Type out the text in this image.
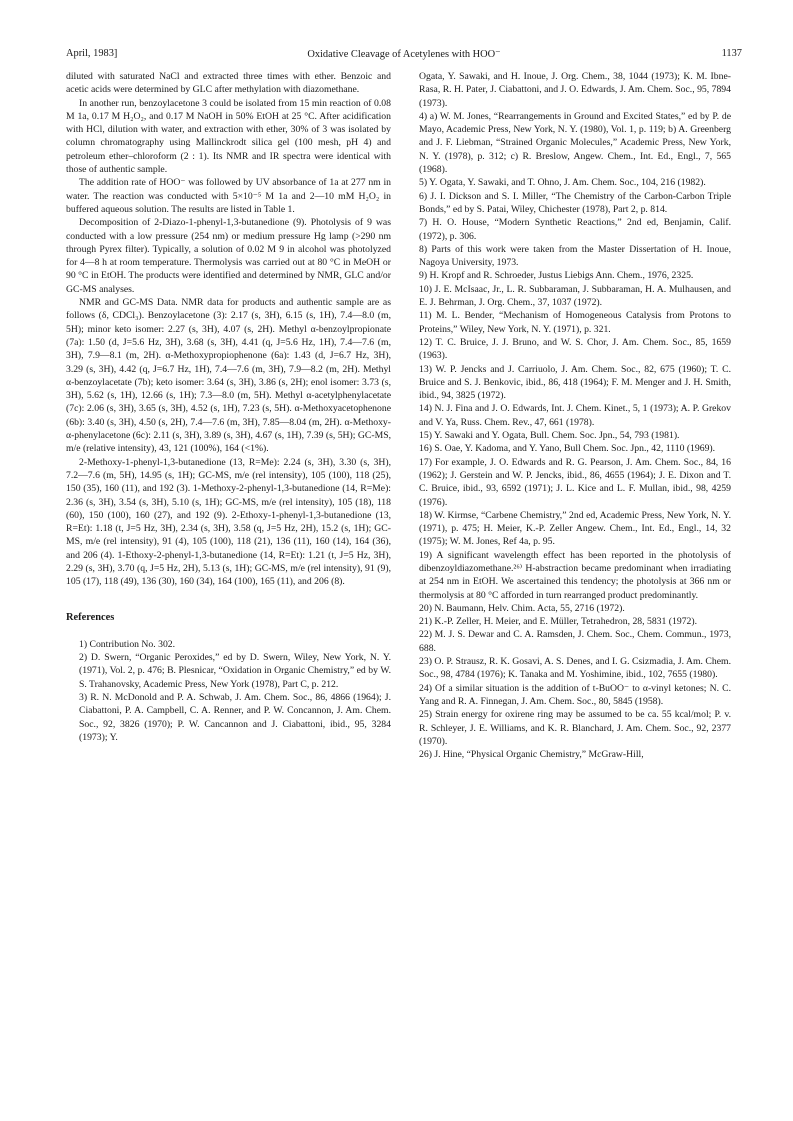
April, 1983]	Oxidative Cleavage of Acetylenes with HOO⁻	1137

diluted with saturated NaCl and extracted three times with ether. Benzoic and acetic acids were determined by GLC after methylation with diazomethane.

In another run, benzoylacetone 3 could be isolated from 15 min reaction of 0.08 M 1a, 0.17 M H₂O₂, and 0.17 M NaOH in 50% EtOH at 25 °C. After acidification with HCl, dilution with water, and extraction with ether, 30% of 3 was isolated by column chromatography using Mallinckrodt silica gel (100 mesh, pH 4) and petroleum ether–chloroform (2 : 1). Its NMR and IR spectra were identical with those of authentic sample.

The addition rate of HOO⁻ was followed by UV absorbance of 1a at 277 nm in water. The reaction was conducted with 5×10⁻⁵ M 1a and 2—10 mM H₂O₂ in buffered aqueous solution. The results are listed in Table 1.

Decomposition of 2-Diazo-1-phenyl-1,3-butanedione (9). Photolysis of 9 was conducted with a low pressure (254 nm) or medium pressure Hg lamp (>290 nm through Pyrex filter). Typically, a solution of 0.02 M 9 in alcohol was photolyzed for 4—8 h at room temperature. Thermolysis was carried out at 80 °C in MeOH or 90 °C in EtOH. The products were identified and determined by NMR, GLC and/or GC-MS analyses.

NMR and GC-MS Data. NMR data for products and authentic sample are as follows (δ, CDCl₃). Benzoylacetone (3): 2.17 (s, 3H), 6.15 (s, 1H), 7.4—8.0 (m, 5H); minor keto isomer: 2.27 (s, 3H), 4.07 (s, 2H). Methyl α-benzoylpropionate (7a): 1.50 (d, J=5.6 Hz, 3H), 3.68 (s, 3H), 4.41 (q, J=5.6 Hz, 1H), 7.4—7.6 (m, 3H), 7.9—8.1 (m, 2H). α-Methoxypropiophenone (6a): 1.43 (d, J=6.7 Hz, 3H), 3.29 (s, 3H), 4.42 (q, J=6.7 Hz, 1H), 7.4—7.6 (m, 3H), 7.9—8.2 (m, 2H). Methyl α-benzoylacetate (7b); keto isomer: 3.64 (s, 3H), 3.86 (s, 2H); enol isomer: 3.73 (s, 3H), 5.62 (s, 1H), 12.66 (s, 1H); 7.3—8.0 (m, 5H). Methyl α-acetylphenylacetate (7c): 2.06 (s, 3H), 3.65 (s, 3H), 4.52 (s, 1H), 7.23 (s, 5H). α-Methoxyacetophenone (6b): 3.40 (s, 3H), 4.50 (s, 2H), 7.4—7.6 (m, 3H), 7.85—8.04 (m, 2H). α-Methoxy-α-phenylacetone (6c): 2.11 (s, 3H), 3.89 (s, 3H), 4.67 (s, 1H), 7.39 (s, 5H); GC-MS, m/e (relative intensity), 43, 121 (100%), 164 (<1%).

2-Methoxy-1-phenyl-1,3-butanedione (13, R=Me): 2.24 (s, 3H), 3.30 (s, 3H), 7.2—7.6 (m, 5H), 14.95 (s, 1H); GC-MS, m/e (rel intensity), 105 (100), 118 (25), 150 (35), 160 (11), and 192 (3). 1-Methoxy-2-phenyl-1,3-butanedione (14, R=Me): 2.36 (s, 3H), 3.54 (s, 3H), 5.10 (s, 1H); GC-MS, m/e (rel intensity), 105 (18), 118 (60), 150 (100), 160 (27), and 192 (9). 2-Ethoxy-1-phenyl-1,3-butanedione (13, R=Et): 1.18 (t, J=5 Hz, 3H), 2.34 (s, 3H), 3.58 (q, J=5 Hz, 2H), 15.2 (s, 1H); GC-MS, m/e (rel intensity), 91 (4), 105 (100), 118 (21), 136 (11), 160 (14), 164 (36), and 206 (4). 1-Ethoxy-2-phenyl-1,3-butanedione (14, R=Et): 1.21 (t, J=5 Hz, 3H), 2.29 (s, 3H), 3.70 (q, J=5 Hz, 2H), 5.13 (s, 1H); GC-MS, m/e (rel intensity), 91 (9), 105 (17), 118 (49), 136 (30), 160 (34), 164 (100), 165 (11), and 206 (8).

References

1) Contribution No. 302.

2) D. Swern, “Organic Peroxides,” ed by D. Swern, Wiley, New York, N. Y. (1971), Vol. 2, p. 476; B. Plesnicar, “Oxidation in Organic Chemistry,” ed by W. S. Trahanovsky, Academic Press, New York (1978), Part C, p. 212.

3) R. N. McDonold and P. A. Schwab, J. Am. Chem. Soc., 86, 4866 (1964); J. Ciabattoni, P. A. Campbell, C. A. Renner, and P. W. Concannon, J. Am. Chem. Soc., 92, 3826 (1970); P. W. Cancannon and J. Ciabattoni, ibid., 95, 3284 (1973); Y.

Ogata, Y. Sawaki, and H. Inoue, J. Org. Chem., 38, 1044 (1973); K. M. Ibne-Rasa, R. H. Pater, J. Ciabattoni, and J. O. Edwards, J. Am. Chem. Soc., 95, 7894 (1973).

4) a) W. M. Jones, “Rearrangements in Ground and Excited States,” ed by P. de Mayo, Academic Press, New York, N. Y. (1980), Vol. 1, p. 119; b) A. Greenberg and J. F. Liebman, “Strained Organic Molecules,” Academic Press, New York, N. Y. (1978), p. 312; c) R. Breslow, Angew. Chem., Int. Ed., Engl., 7, 565 (1968).

5) Y. Ogata, Y. Sawaki, and T. Ohno, J. Am. Chem. Soc., 104, 216 (1982).

6) J. I. Dickson and S. I. Miller, “The Chemistry of the Carbon-Carbon Triple Bonds,” ed by S. Patai, Wiley, Chichester (1978), Part 2, p. 814.

7) H. O. House, “Modern Synthetic Reactions,” 2nd ed, Benjamin, Calif. (1972), p. 306.

8) Parts of this work were taken from the Master Dissertation of H. Inoue, Nagoya University, 1973.

9) H. Kropf and R. Schroeder, Justus Liebigs Ann. Chem., 1976, 2325.

10) J. E. McIsaac, Jr., L. R. Subbaraman, J. Subbaraman, H. A. Mulhausen, and E. J. Behrman, J. Org. Chem., 37, 1037 (1972).

11) M. L. Bender, “Mechanism of Homogeneous Catalysis from Protons to Proteins,” Wiley, New York, N. Y. (1971), p. 321.

12) T. C. Bruice, J. J. Bruno, and W. S. Chor, J. Am. Chem. Soc., 85, 1659 (1963).

13) W. P. Jencks and J. Carriuolo, J. Am. Chem. Soc., 82, 675 (1960); T. C. Bruice and S. J. Benkovic, ibid., 86, 418 (1964); F. M. Menger and J. H. Smith, ibid., 94, 3825 (1972).

14) N. J. Fina and J. O. Edwards, Int. J. Chem. Kinet., 5, 1 (1973); A. P. Grekov and V. Ya, Russ. Chem. Rev., 47, 661 (1978).

15) Y. Sawaki and Y. Ogata, Bull. Chem. Soc. Jpn., 54, 793 (1981).

16) S. Oae, Y. Kadoma, and Y. Yano, Bull Chem. Soc. Jpn., 42, 1110 (1969).

17) For example, J. O. Edwards and R. G. Pearson, J. Am. Chem. Soc., 84, 16 (1962); J. Gerstein and W. P. Jencks, ibid., 86, 4655 (1964); J. E. Dixon and T. C. Bruice, ibid., 93, 6592 (1971); J. L. Kice and L. F. Mullan, ibid., 98, 4259 (1976).

18) W. Kirmse, “Carbene Chemistry,” 2nd ed, Academic Press, New York, N. Y. (1971), p. 475; H. Meier, K.-P. Zeller Angew. Chem., Int. Ed., Engl., 14, 32 (1975); W. M. Jones, Ref 4a, p. 95.

19) A significant wavelength effect has been reported in the photolysis of dibenzoyldiazomethane.²⁶⁾ H-abstraction became predominant when irradiating at 254 nm in EtOH. We ascertained this tendency; the photolysis at 366 nm or thermolysis at 80 °C afforded in turn rearranged product predominantly.

20) N. Baumann, Helv. Chim. Acta, 55, 2716 (1972).

21) K.-P. Zeller, H. Meier, and E. Müller, Tetrahedron, 28, 5831 (1972).

22) M. J. S. Dewar and C. A. Ramsden, J. Chem. Soc., Chem. Commun., 1973, 688.

23) O. P. Strausz, R. K. Gosavi, A. S. Denes, and I. G. Csizmadia, J. Am. Chem. Soc., 98, 4784 (1976); K. Tanaka and M. Yoshimine, ibid., 102, 7655 (1980).

24) Of a similar situation is the addition of t-BuOO⁻ to α-vinyl ketones; N. C. Yang and R. A. Finnegan, J. Am. Chem. Soc., 80, 5845 (1958).

25) Strain energy for oxirene ring may be assumed to be ca. 55 kcal/mol; P. v. R. Schleyer, J. E. Williams, and K. R. Blanchard, J. Am. Chem. Soc., 92, 2377 (1970).

26) J. Hine, “Physical Organic Chemistry,” McGraw-Hill,
